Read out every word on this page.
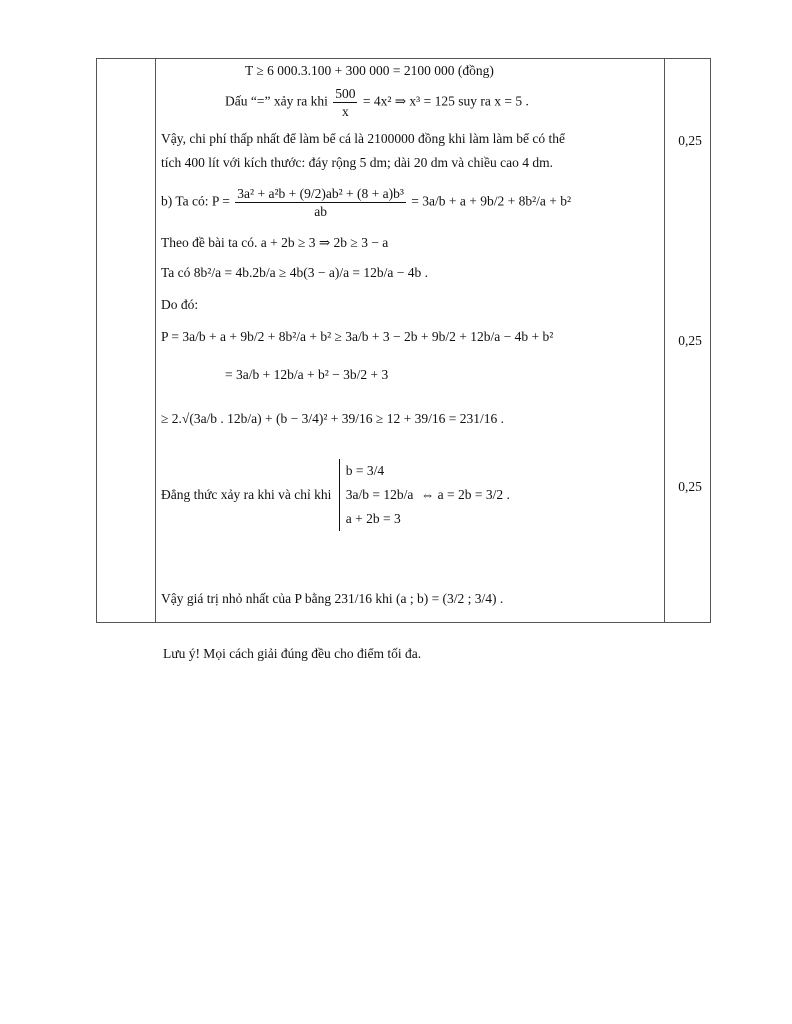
T ≥ 6 000.3.100 + 300 000 = 2100 000 (đồng)
Dấu “=” xảy ra khi $\frac{500}{x} = 4x^2$ ⇒ x³ = 125 suy ra x = 5 .
Vậy, chi phí thấp nhất để làm bể cá là 2100000 đồng khi làm làm bể có thể
tích 400 lít với kích thước: đáy rộng 5 dm; dài 20 dm và chiều cao 4 dm.
b) Ta có: $P = \frac{\text{3a² + a²b + (9/2)ab² + (8 + a)b³}}{ab} = 3a/b + a + 9b/2 + 8b^2/a + b^2$
Theo đề bài ta có. a + 2b ≥ 3 ⇒ 2b ≥ 3 − a
Ta có 8b²/a = 4b.2b/a ≥ 4b(3 − a)/a = 12b/a − 4b .
Do đó:
P = 3a/b + a + 9b/2 + 8b²/a + b² ≥ 3a/b + 3 − 2b + 9b/2 + 12b/a − 4b + b²
= 3a/b + 12b/a + b² − 3b/2 + 3
≥ 2.√(3a/b . 12b/a) + (b − 3/4)² + 39/16 ≥ 12 + 39/16 = 231/16 .
Đẳng thức xảy ra khi và chỉ khi
b = 3/4
3a/b = 12b/a
a + 2b = 3
⇔ a = 2b = 3/2 .
Vậy giá trị nhỏ nhất của P bằng 231/16 khi (a ; b) = (3/2 ; 3/4) .
0,25
0,25
0,25
Lưu ý! Mọi cách giải đúng đều cho điểm tối đa.
